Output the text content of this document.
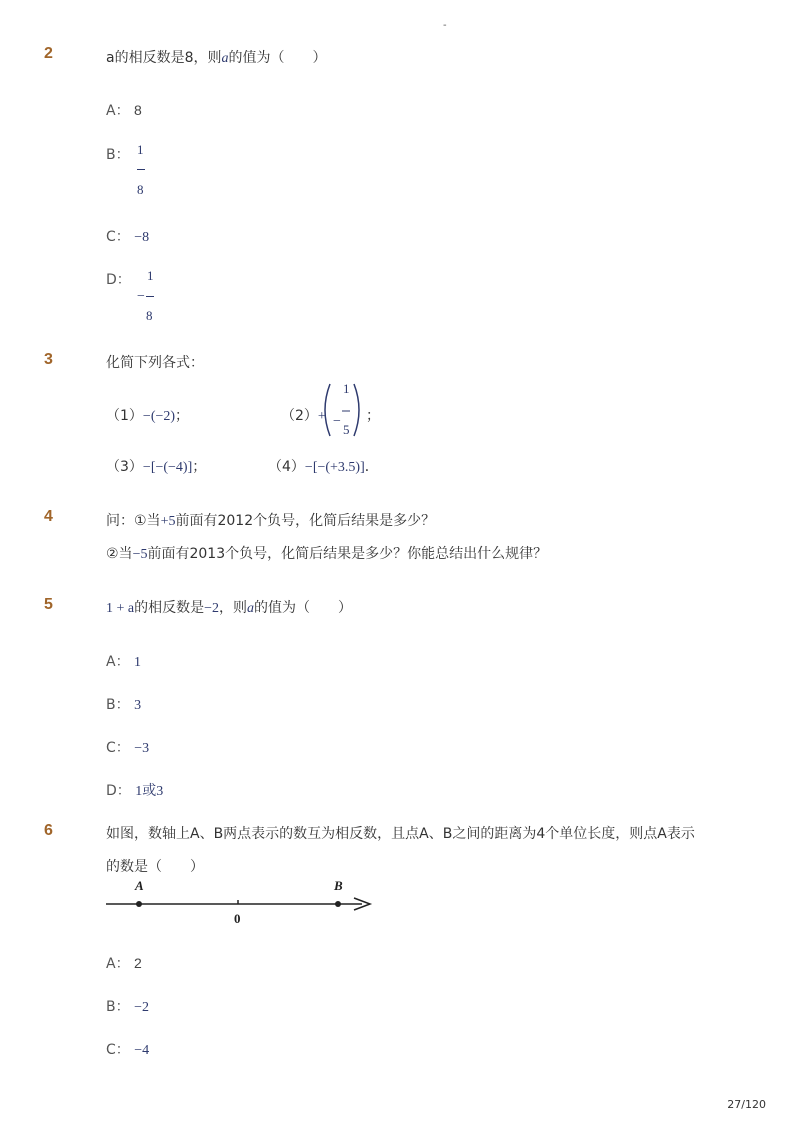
-
2	a的相反数是8，则a的值为（　　）
A： 8
B： 1
8
C： −8
D：
−
1
8
3	化简下列各式：
（1）−(−2)；	（2）+ −
1
5
；
（3）−[−(−4)]；	（4）−[−(+3.5)]．
4	问：①当+5前面有2012个负号，化简后结果是多少？
②当−5前面有2013个负号，化简后结果是多少？你能总结出什么规律？
5	1 + a的相反数是−2，则a的值为（　　）
A： 1
B： 3
C： −3
D： 1或3
6	如图，数轴上A、B两点表示的数互为相反数，且点A、B之间的距离为4个单位长度，则点A表示
的数是（　　）
A	B
0
A： 2
B： −2
C： −4
27/120
